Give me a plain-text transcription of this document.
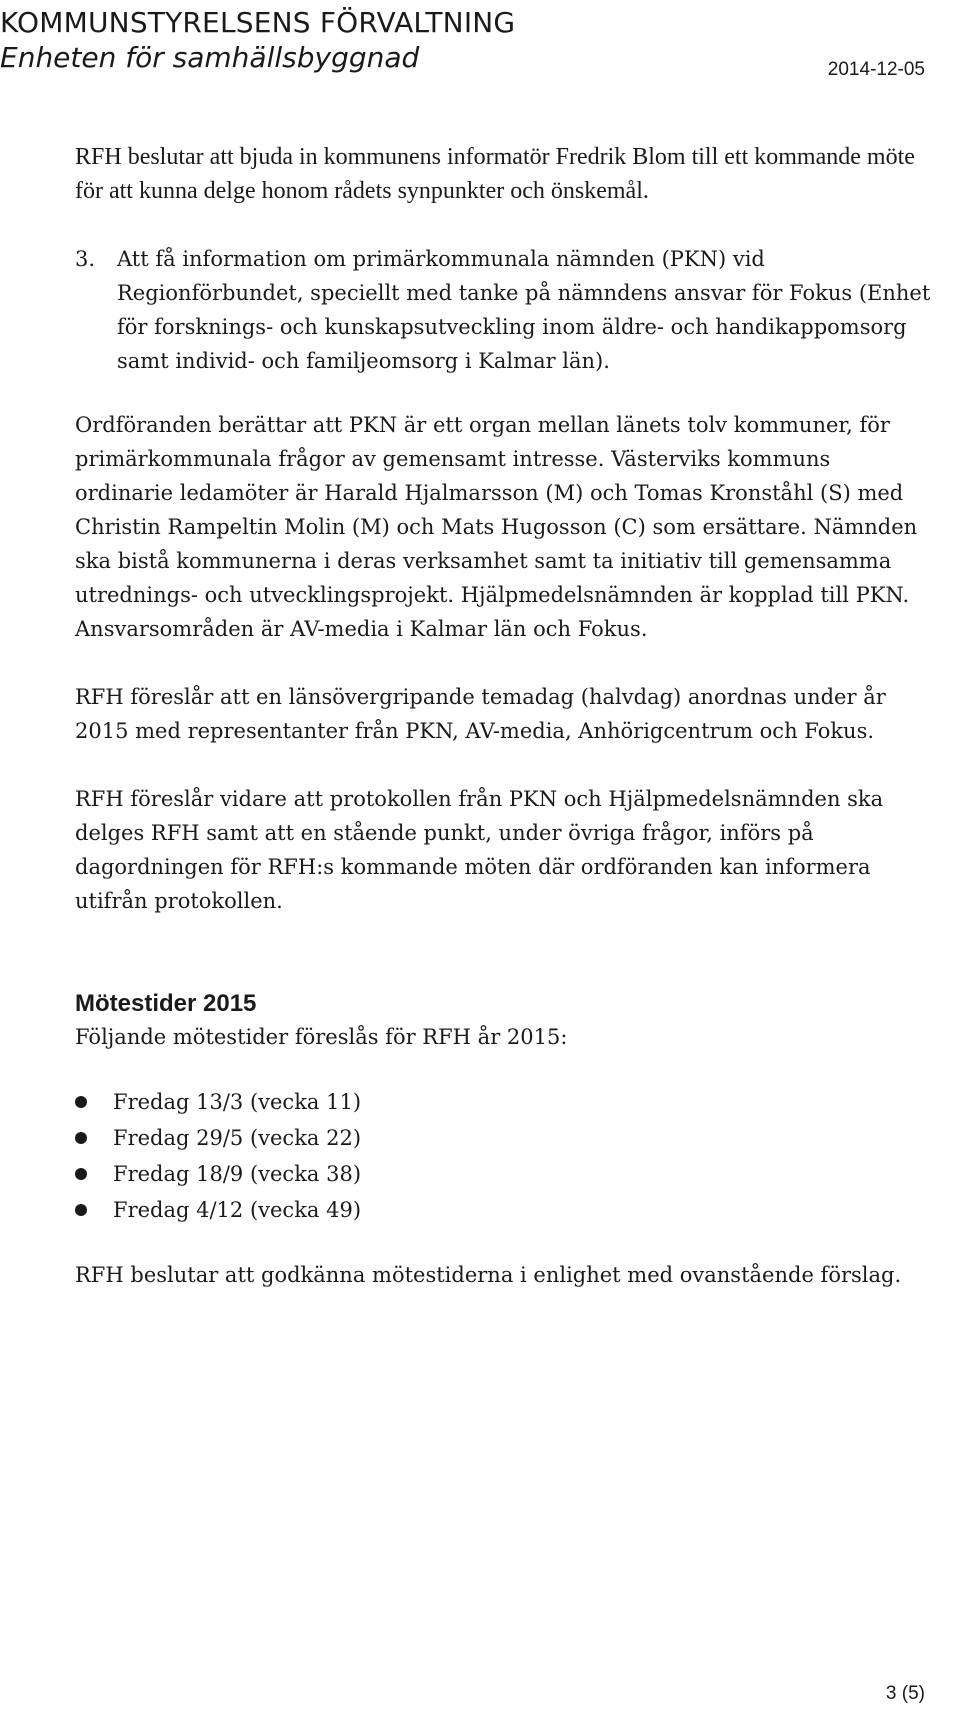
KOMMUNSTYRELSENS FÖRVALTNING
Enheten för samhällsbyggnad	2014-12-05

RFH beslutar att bjuda in kommunens informatör Fredrik Blom till ett kommande möte för att kunna delge honom rådets synpunkter och önskemål.

3.	Att få information om primärkommunala nämnden (PKN) vid Regionförbundet, speciellt med tanke på nämndens ansvar för Fokus (Enhet för forsknings- och kunskapsutveckling inom äldre- och handikappomsorg samt individ- och familjeomsorg i Kalmar län).

Ordföranden berättar att PKN är ett organ mellan länets tolv kommuner, för primärkommunala frågor av gemensamt intresse. Västerviks kommuns ordinarie ledamöter är Harald Hjalmarsson (M) och Tomas Kronståhl (S) med Christin Rampeltin Molin (M) och Mats Hugosson (C) som ersättare. Nämnden ska bistå kommunerna i deras verksamhet samt ta initiativ till gemensamma utrednings- och utvecklingsprojekt. Hjälpmedelsnämnden är kopplad till PKN. Ansvarsområden är AV-media i Kalmar län och Fokus.

RFH föreslår att en länsövergripande temadag (halvdag) anordnas under år 2015 med representanter från PKN, AV-media, Anhörigcentrum och Fokus.

RFH föreslår vidare att protokollen från PKN och Hjälpmedelsnämnden ska delges RFH samt att en stående punkt, under övriga frågor, införs på dagordningen för RFH:s kommande möten där ordföranden kan informera utifrån protokollen.

Mötestider 2015

Följande mötestider föreslås för RFH år 2015:

Fredag 13/3 (vecka 11)
Fredag 29/5 (vecka 22)
Fredag 18/9 (vecka 38)
Fredag 4/12 (vecka 49)

RFH beslutar att godkänna mötestiderna i enlighet med ovanstående förslag.

3 (5)
